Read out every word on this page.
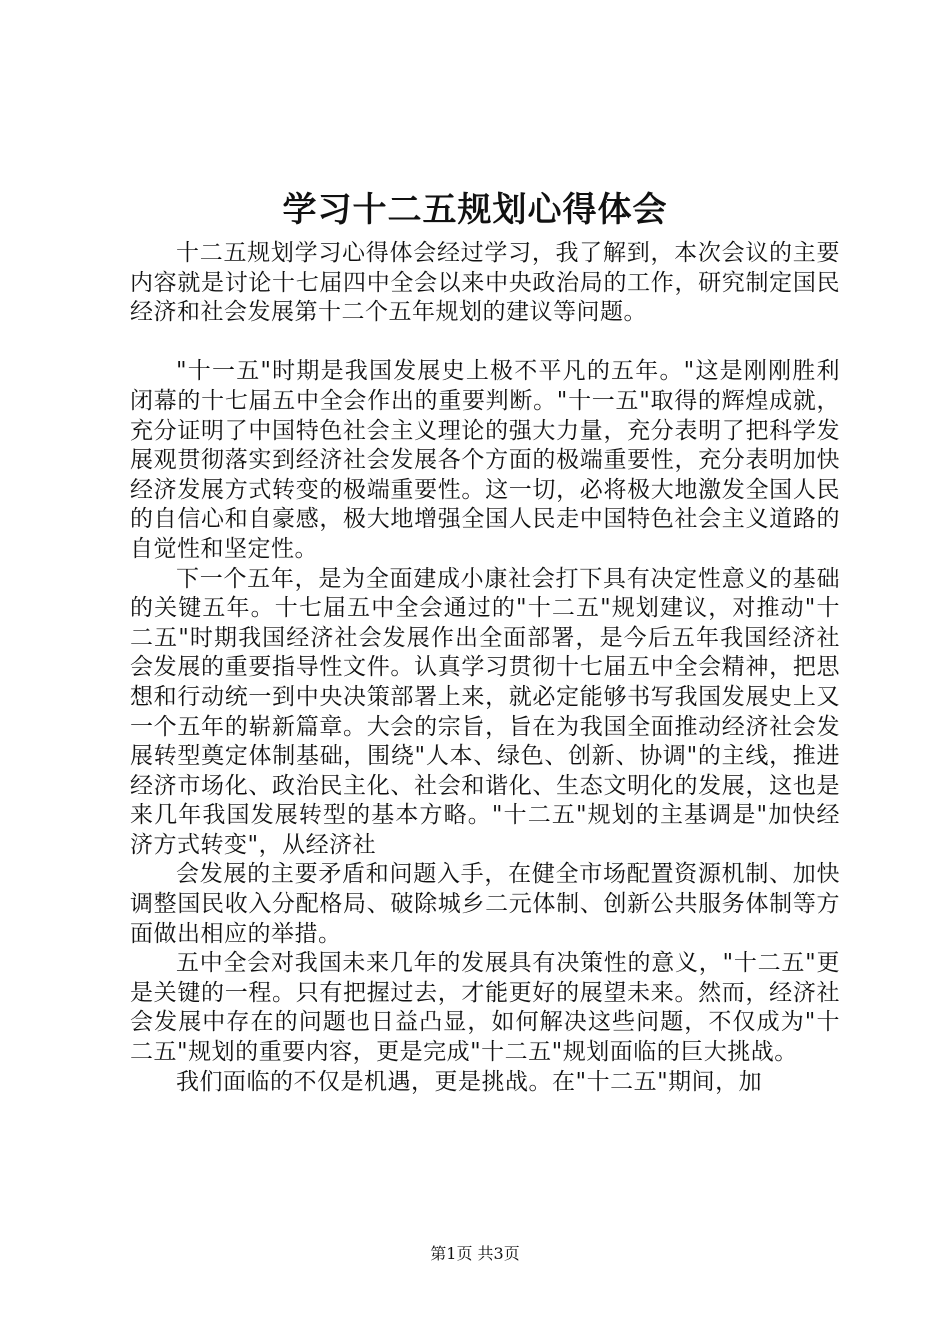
学习十二五规划心得体会

十二五规划学习心得体会经过学习，我了解到，本次会议的主要内容就是讨论十七届四中全会以来中央政治局的工作，研究制定国民经济和社会发展第十二个五年规划的建议等问题。

"十一五"时期是我国发展史上极不平凡的五年。"这是刚刚胜利闭幕的十七届五中全会作出的重要判断。"十一五"取得的辉煌成就，充分证明了中国特色社会主义理论的强大力量，充分表明了把科学发展观贯彻落实到经济社会发展各个方面的极端重要性，充分表明加快经济发展方式转变的极端重要性。这一切，必将极大地激发全国人民的自信心和自豪感，极大地增强全国人民走中国特色社会主义道路的自觉性和坚定性。

下一个五年，是为全面建成小康社会打下具有决定性意义的基础的关键五年。十七届五中全会通过的"十二五"规划建议，对推动"十二五"时期我国经济社会发展作出全面部署，是今后五年我国经济社会发展的重要指导性文件。认真学习贯彻十七届五中全会精神，把思想和行动统一到中央决策部署上来，就必定能够书写我国发展史上又一个五年的崭新篇章。大会的宗旨，旨在为我国全面推动经济社会发展转型奠定体制基础，围绕"人本、绿色、创新、协调"的主线，推进经济市场化、政治民主化、社会和谐化、生态文明化的发展，这也是来几年我国发展转型的基本方略。"十二五"规划的主基调是"加快经济方式转变"，从经济社

会发展的主要矛盾和问题入手，在健全市场配置资源机制、加快调整国民收入分配格局、破除城乡二元体制、创新公共服务体制等方面做出相应的举措。

五中全会对我国未来几年的发展具有决策性的意义，"十二五"更是关键的一程。只有把握过去，才能更好的展望未来。然而，经济社会发展中存在的问题也日益凸显，如何解决这些问题，不仅成为"十二五"规划的重要内容，更是完成"十二五"规划面临的巨大挑战。

我们面临的不仅是机遇，更是挑战。在"十二五"期间，加

第1页 共3页
